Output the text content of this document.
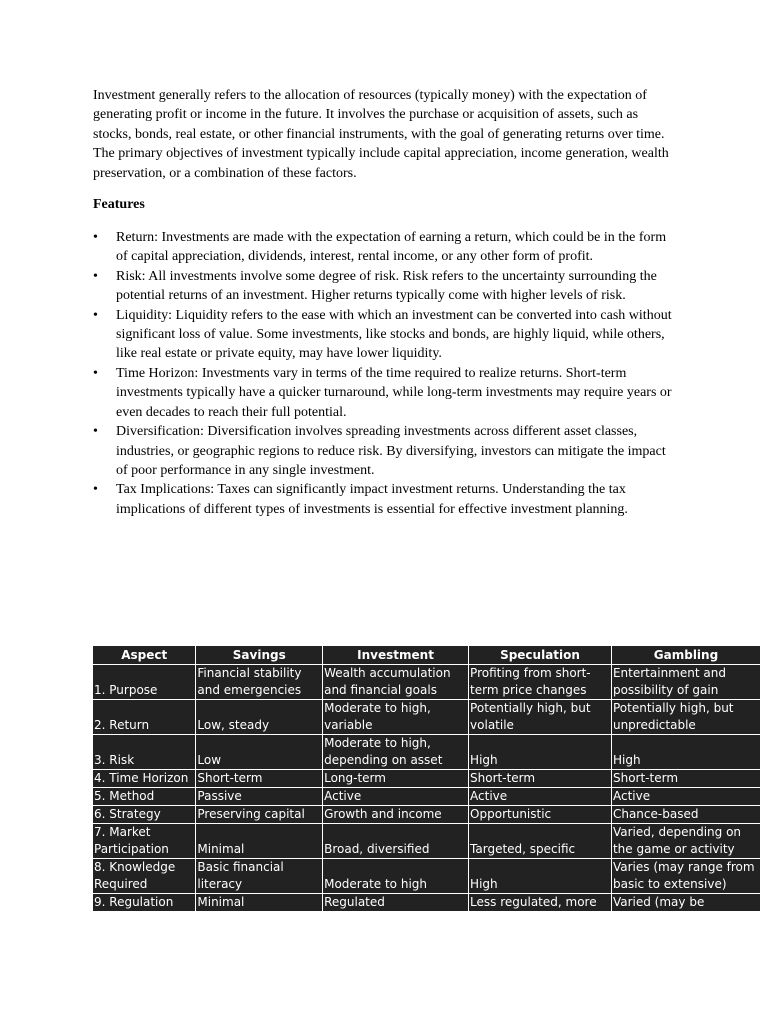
Investment generally refers to the allocation of resources (typically money) with the expectation of generating profit or income in the future. It involves the purchase or acquisition of assets, such as stocks, bonds, real estate, or other financial instruments, with the goal of generating returns over time. The primary objectives of investment typically include capital appreciation, income generation, wealth preservation, or a combination of these factors.

Features

•	Return: Investments are made with the expectation of earning a return, which could be in the form of capital appreciation, dividends, interest, rental income, or any other form of profit.
•	Risk: All investments involve some degree of risk. Risk refers to the uncertainty surrounding the potential returns of an investment. Higher returns typically come with higher levels of risk.
•	Liquidity: Liquidity refers to the ease with which an investment can be converted into cash without significant loss of value. Some investments, like stocks and bonds, are highly liquid, while others, like real estate or private equity, may have lower liquidity.
•	Time Horizon: Investments vary in terms of the time required to realize returns. Short-term investments typically have a quicker turnaround, while long-term investments may require years or even decades to reach their full potential.
•	Diversification: Diversification involves spreading investments across different asset classes, industries, or geographic regions to reduce risk. By diversifying, investors can mitigate the impact of poor performance in any single investment.
•	Tax Implications: Taxes can significantly impact investment returns. Understanding the tax implications of different types of investments is essential for effective investment planning.
Aspect	Savings	Investment	Speculation	Gambling
1. Purpose	Financial stability and emergencies	Wealth accumulation and financial goals	Profiting from short-term price changes	Entertainment and possibility of gain
2. Return	Low, steady	Moderate to high, variable	Potentially high, but volatile	Potentially high, but unpredictable
3. Risk	Low	Moderate to high, depending on asset	High	High
4. Time Horizon	Short-term	Long-term	Short-term	Short-term
5. Method	Passive	Active	Active	Active
6. Strategy	Preserving capital	Growth and income	Opportunistic	Chance-based
7. Market Participation	Minimal	Broad, diversified	Targeted, specific	Varied, depending on the game or activity
8. Knowledge Required	Basic financial literacy	Moderate to high	High	Varies (may range from basic to extensive)
9. Regulation	Minimal	Regulated	Less regulated, more	Varied (may be
